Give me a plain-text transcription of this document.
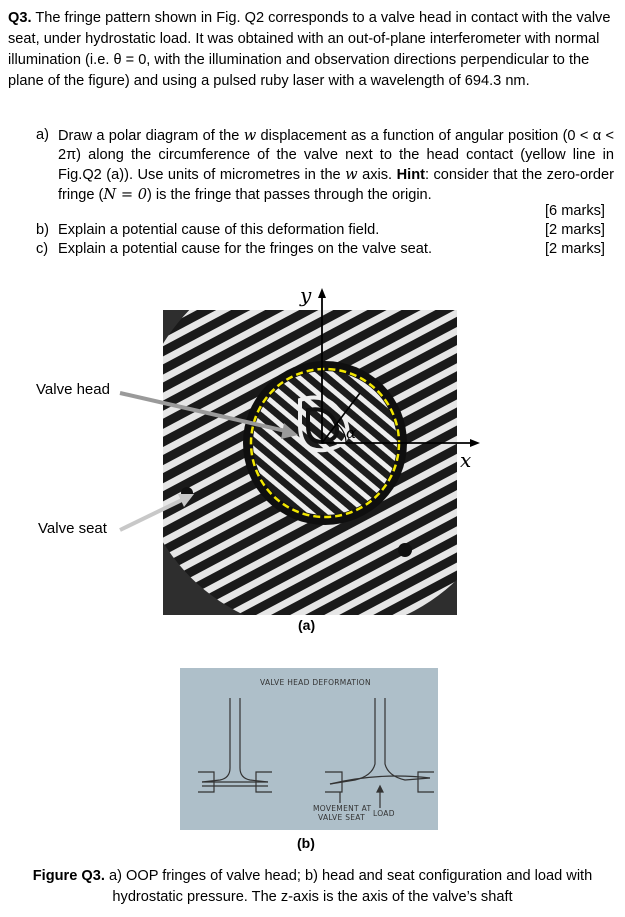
Q3. The fringe pattern shown in Fig. Q2 corresponds to a valve head in contact with the valve seat, under hydrostatic load. It was obtained with an out-of-plane interferometer with normal illumination (i.e. θ = 0, with the illumination and observation directions perpendicular to the plane of the figure) and using a pulsed ruby laser with a wavelength of 694.3 nm.
a) Draw a polar diagram of the w displacement as a function of angular position (0 < α < 2π) along the circumference of the valve next to the head contact (yellow line in Fig.Q2 (a)). Use units of micrometres in the w axis. Hint: consider that the zero-order fringe (N = 0) is the fringe that passes through the origin.
[6 marks]
b) Explain a potential cause of this deformation field.	[2 marks]
c) Explain a potential cause for the fringes on the valve seat.	[2 marks]
y
x
α
Valve head
Valve seat
(a)
VALVE HEAD DEFORMATION
MOVEMENT AT
VALVE SEAT LOAD
(b)
Figure Q3. a) OOP fringes of valve head; b) head and seat configuration and load with hydrostatic pressure. The z-axis is the axis of the valve’s shaft
